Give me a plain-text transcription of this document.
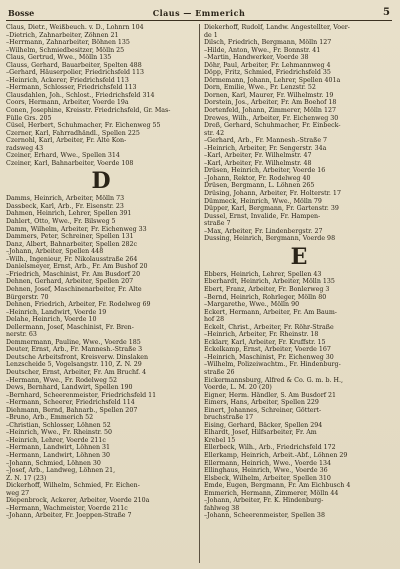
Bosse	Claus — Emmerich	5
Claus, Dietr., Weißbeuch. v. D., Lohnrn 104
–Dietrich, Zahnarbeiter, Zöhnen 21
–Herrmann, Zahnarbeiter, Böhnen 135
–Wilhelm, Schmiedbesitzer, Mölln 25
Claus, Gertrud, Wwe., Mölln 135
Clauss, Gerhard, Bauarbeiter, Spelten 488
–Gerhard, Häuserpolier, Friedrichsfeld 113
–Heinrich, Ackerer, Friedrichsfeld 113
–Hermann, Schlosser, Friedrichsfeld 113
Clausdahlen, Joh., Schlost., Friedrichsfeld 314
Coors, Hermann, Arbeiter, Voerde 19a
Conen, Josephine, Kreisstr. Friedrichsfeld, Gr. Mas-
Fülle Grs. 205
Cüsel, Herbert, Schuhmacher, Fr. Eichenweg 55
Czerner, Karl, Fahrradhändl., Spellen 225
Czernohl, Karl, Arbeiter, Fr. Alte Kon-
radsweg 43
Czeiner, Erhard, Wwe., Spellen 314
Czeiner, Karl, Bahnarbeiter, Voerde 108
D
Damms, Heinrich, Arbeiter, Mölln 73
Dassbeck, Karl, Arb., Fr. Eisenstr. 23
Dahmen, Heinrich, Lehrer, Spellen 391
Dahlert, Otto, Wwe., Fr. Bilsweg 5
Damm, Wilhelm, Arbeiter, Fr. Eichenweg 33
Dammers, Peter, Schreiner, Spellen 131
Danz, Albert, Bahnarbeiter, Spellen 282c
–Johann, Arbeiter, Spellen 448
–Wilh., Ingenieur, Fr. Nikolausstraße 264
Danielsmeyer, Ernst, Arb., Fr. Am Bushof 20
–Friedrich, Maschinist, Fr. Am Busdorf 20
Dehnen, Gerhard, Arbeiter, Spellen 207
Dehnen, Josef, Maschinenarbeiter, Fr. Alte
Bürgerstr. 70
Dehnen, Friedrich, Arbeiter, Fr. Rodelweg 69
–Heinrich, Landwirt, Voerde 19
Delahe, Heinrich, Voerde 10
Dellermann, Josef, Maschinist, Fr. Bren-
nerstr. 63
Demmermann, Pauline, Wwe., Voerde 185
Deuter, Ernst, Arb., Fr. Mannesh.-Straße 3
Deutsche Arbeitsfront, Kreisverw. Dinslaken
Lenzscheide 5, Vogelsangstr. 110, Z. N. 29
Deutscher, Ernst, Arbeiter, Fr. Am Bruchf. 4
–Hermann, Wwe., Fr. Rodelweg 52
Dews, Bernhard, Landwirt, Spellen 190
–Bernhard, Scheerenmeister, Friedrichsfeld 11
–Hermann, Scheerer, Friedrichsfeld 114
Diehmann, Bernd, Bahnarb., Spellen 207
–Bruno, Arb., Emmerich 52
–Christian, Schlosser, Löhnen 52
–Heinrich, Wwe., Fr. Rheinstr. 50
–Heinrich, Lehrer, Voerde 211c
–Hermann, Landwirt, Löhnen 31
–Hermann, Landwirt, Löhnen 30
–Johann, Schmied, Löhnen 30
–Josef, Arb., Landweg, Löhnen 21,
Z. N. 17 (23)
Dickerhoff, Wilhelm, Schmied, Fr. Eichen-
weg 27
Diepenbrock, Ackerer, Arbeiter, Voerde 210a
–Hermann, Wachmeister, Voerde 211c
–Johann, Arbeiter, Fr. Joeppen-Straße 7
Diekerhoff, Rudolf, Landw. Angestellter, Voer-
de 1
Dilsch, Friedrich, Bergmann, Mölln 127
–Hilde, Anton, Wwe., Fr. Bonnstr. 41
–Martin, Handwerker, Voerde 38
Döhr, Paul, Arbeiter, Fr. Lehmannweg 4
Döpp, Fritz, Schmied, Friedrichsfeld 35
Dörmemann, Johann, Lehrer, Spellen 401a
Dorn, Emilie, Wwe., Fr. Lenzstr. 52
Dornen, Karl, Maurer, Fr. Wilhelmstr. 19
Dorstein, Jos., Arbeiter, Fr. Am Boehof 18
Dortenfeld, Johann, Zimmerer, Mölln 127
Drewes, Wilh., Arbeiter, Fr. Eichenweg 30
Dreß, Gerhard, Schuhmacher, Fr. Einbeck-
str. 42
–Gerhard, Arb., Fr. Mannesh.-Straße 7
–Heinrich, Arbeiter, Fr. Sengerstr. 34a
–Karl, Arbeiter, Fr. Wilhelmstr. 47
–Karl, Arbeiter, Fr. Wilhelmstr. 48
Drüsen, Heinrich, Arbeiter, Voerde 16
–Johann, Rektor, Fr. Rodelweg 40
Drüsen, Bergmann, L. Löhnen 265
Drüsing, Johann, Arbeiter, Fr. Holterstr. 17
Dümmeck, Heinrich, Wwe., Mölln 79
Düpper, Karl, Bergmann, Fr. Gartenstr. 39
Dussel, Ernst, Invalide, Fr. Hampen-
straße 7
–Max, Arbeiter, Fr. Lindenbergstr. 27
Dussing, Heinrich, Bergmann, Voerde 98
E
Ebbers, Heinrich, Lehrer, Spellen 43
Eberhardt, Heinrich, Arbeiter, Mölln 135
Ebert, Franz, Arbeiter, Fr. Bonlerweg 3
–Bernd, Heinrich, Rohrleger, Mölln 80
–Margarethe, Wwe., Mölln 90
Eckert, Hermann, Arbeiter, Fr. Am Baum-
hof 28
Eckelt, Christ., Arbeiter, Fr. Röhr-Straße
–Heinrich, Arbeiter, Fr. Rheinstr. 18
Ecklarr, Karl, Arbeiter, Fr. Kruffstr. 15
Eckelkamp, Ernst, Arbeiter, Voerde 167
–Heinrich, Maschinist, Fr. Eichenweg 30
–Wilhelm, Polizeiwachtm., Fr. Hindenburg-
straße 26
Eickermannsburg, Alfred & Co. G. m. b. H.,
Voerde, L. M. 20 (20)
Eigner, Herm. Händler, S. Am Busdorf 21
Eimers, Hans, Arbeiter, Spellen 229
Einert, Johannes, Schreiner, Göttert-
bruchstraße 17
Eising, Gerhard, Bäcker, Spellen 294
Elhardt, Josef, Hilfsarbeiter, Fr. Am
Krebel 15
Ellerbeck, Wilh., Arb., Friedrichsfeld 172
Ellerkamp, Heinrich, Arbeit.-Abf., Löhnen 29
Ellermann, Heinrich, Wwe., Voerde 134
Ellinghaus, Heinrich, Wwe., Voerde 36
Elsbeck, Wilhelm, Arbeiter, Spellen 310
Emde, Eugen, Bergmann, Fr. Am Eichbusch 4
Emmerich, Hermann, Zimmerer, Mölln 44
–Johann, Arbeiter, Fr. K. Hindenburg-
fahlweg 38
–Johann, Scheerenmeister, Spellen 38
